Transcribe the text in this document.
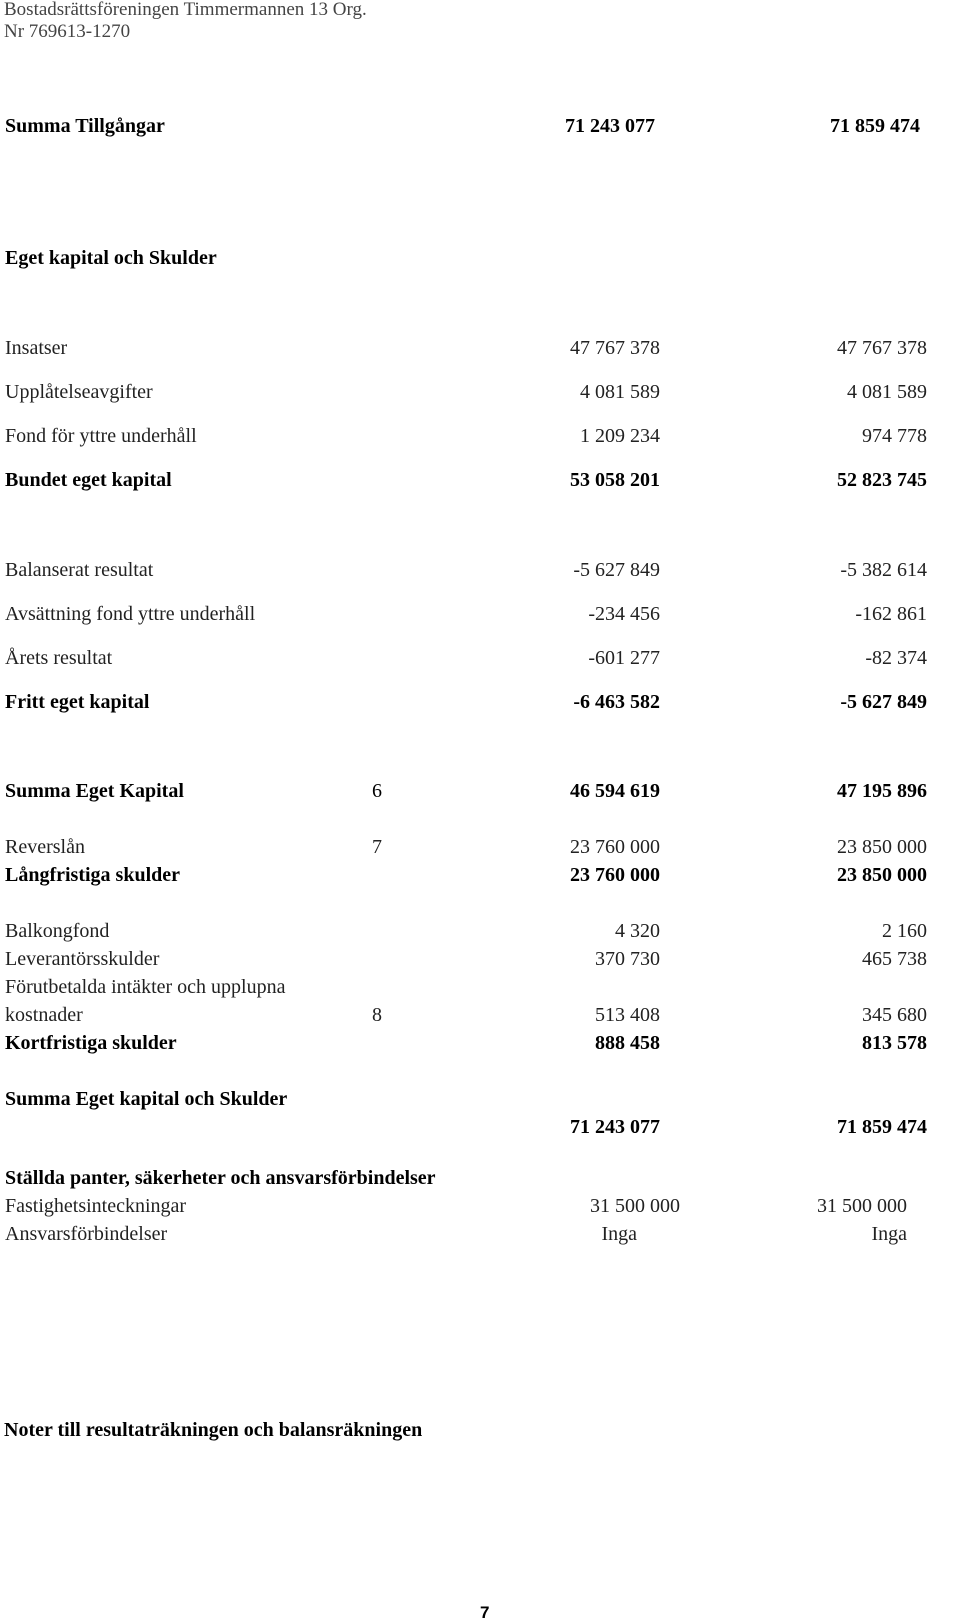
Bostadsrättsföreningen Timmermannen 13 Org.
Nr 769613-1270
Summa Tillgångar	71 243 077	71 859 474
Eget kapital och Skulder
Insatser	47 767 378	47 767 378
Upplåtelseavgifter	4 081 589	4 081 589
Fond för yttre underhåll	1 209 234	974 778
Bundet eget kapital	53 058 201	52 823 745
Balanserat resultat	-5 627 849	-5 382 614
Avsättning fond yttre underhåll	-234 456	-162 861
Årets resultat	-601 277	-82 374
Fritt eget kapital	-6 463 582	-5 627 849
Summa Eget Kapital	6	46 594 619	47 195 896
Reverslån	7	23 760 000	23 850 000
Långfristiga skulder	23 760 000	23 850 000
Balkongfond	4 320	2 160
Leverantörsskulder	370 730	465 738
Förutbetalda intäkter och upplupna
kostnader	8	513 408	345 680
Kortfristiga skulder	888 458	813 578
Summa Eget kapital och Skulder
71 243 077	71 859 474
Ställda panter, säkerheter och ansvarsförbindelser
Fastighetsinteckningar	31 500 000	31 500 000
Ansvarsförbindelser	Inga	Inga
Noter till resultaträkningen och balansräkningen
7
